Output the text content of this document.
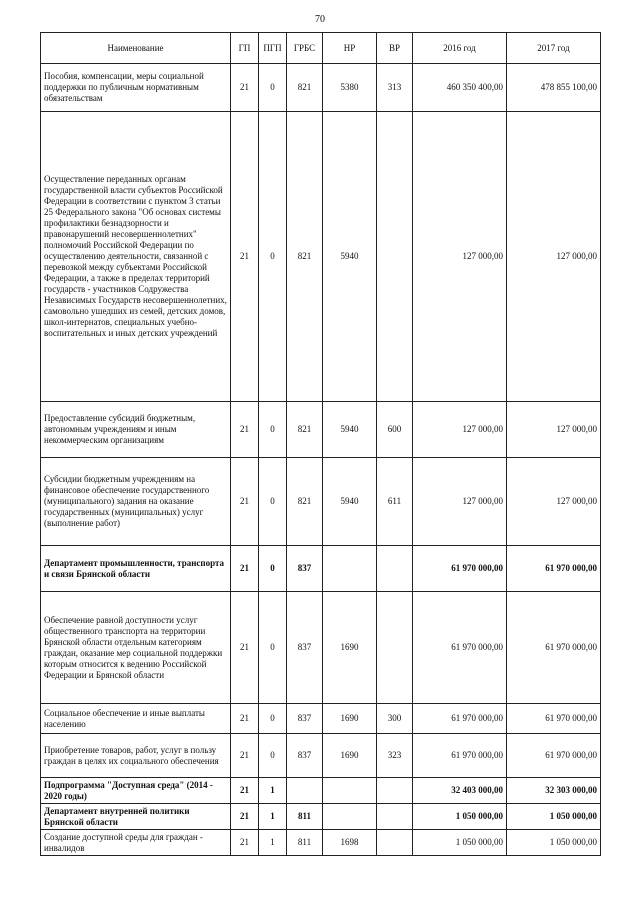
70
Наименование	ГП	ПГП	ГРБС	НР	ВР	2016 год	2017 год
Пособия, компенсации, меры социальной поддержки по публичным нормативным обязательствам	21	0	821	5380	313	460 350 400,00	478 855 100,00
Осуществление переданных органам государственной власти субъектов Российской Федерации в соответствии с пунктом 3 статьи 25 Федерального закона "Об основах системы профилактики безнадзорности и правонарушений несовершеннолетних" полномочий Российской Федерации по осуществлению деятельности, связанной с перевозкой между субъектами Российской Федерации, а также в пределах территорий государств - участников Содружества Независимых Государств несовершеннолетних, самовольно ушедших из семей, детских домов, школ-интернатов, специальных учебно-воспитательных и иных детских учреждений	21	0	821	5940		127 000,00	127 000,00
Предоставление субсидий бюджетным, автономным учреждениям и иным некоммерческим организациям	21	0	821	5940	600	127 000,00	127 000,00
Субсидии бюджетным учреждениям на финансовое обеспечение государственного (муниципального) задания на оказание государственных (муниципальных) услуг (выполнение работ)	21	0	821	5940	611	127 000,00	127 000,00
Департамент промышленности, транспорта и связи Брянской области	21	0	837			61 970 000,00	61 970 000,00
Обеспечение равной доступности услуг общественного транспорта на территории Брянской области отдельным категориям граждан, оказание мер социальной поддержки которым относится к ведению Российской Федерации и Брянской области	21	0	837	1690		61 970 000,00	61 970 000,00
Социальное обеспечение и иные выплаты населению	21	0	837	1690	300	61 970 000,00	61 970 000,00
Приобретение товаров, работ, услуг в пользу граждан в целях их социального обеспечения	21	0	837	1690	323	61 970 000,00	61 970 000,00
Подпрограмма "Доступная среда" (2014 - 2020 годы)	21	1				32 403 000,00	32 303 000,00
Департамент внутренней политики Брянской области	21	1	811			1 050 000,00	1 050 000,00
Создание доступной среды для граждан - инвалидов	21	1	811	1698		1 050 000,00	1 050 000,00
